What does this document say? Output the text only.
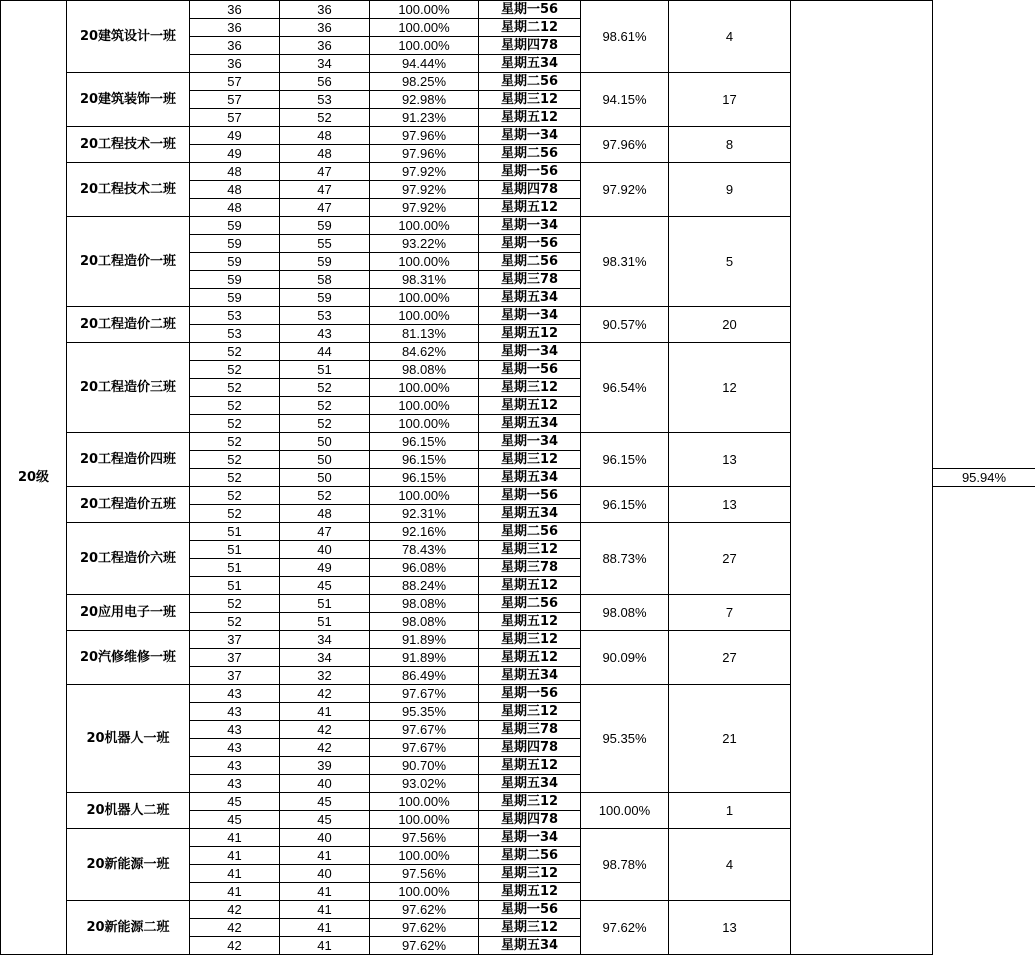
20级	20建筑设计一班	36	36	100.00%	星期一56	98.61%	4			
		36	36	100.00%	星期二12					
		36	36	100.00%	星期四78					
		36	34	94.44%	星期五34					
	20建筑装饰一班	57	56	98.25%	星期二56	94.15%	17			
		57	53	92.98%	星期三12					
		57	52	91.23%	星期五12					
	20工程技术一班	49	48	97.96%	星期一34	97.96%	8			
		49	48	97.96%	星期二56					
	20工程技术二班	48	47	97.92%	星期一56	97.92%	9			
		48	47	97.92%	星期四78					
		48	47	97.92%	星期五12					
	20工程造价一班	59	59	100.00%	星期一34	98.31%	5			
		59	55	93.22%	星期一56					
		59	59	100.00%	星期二56					
		59	58	98.31%	星期三78					
		59	59	100.00%	星期五34					
	20工程造价二班	53	53	100.00%	星期一34	90.57%	20			
		53	43	81.13%	星期五12					
	20工程造价三班	52	44	84.62%	星期一34	96.54%	12			
		52	51	98.08%	星期一56					
		52	52	100.00%	星期三12					
		52	52	100.00%	星期五12					
		52	52	100.00%	星期五34					
	20工程造价四班	52	50	96.15%	星期一34	96.15%	13			
		52	50	96.15%	星期三12					
		52	50	96.15%	星期五34				95.94%	
	20工程造价五班	52	52	100.00%	星期一56	96.15%	13			
		52	48	92.31%	星期五34					
	20工程造价六班	51	47	92.16%	星期二56	88.73%	27			
		51	40	78.43%	星期三12					
		51	49	96.08%	星期三78					
		51	45	88.24%	星期五12					
	20应用电子一班	52	51	98.08%	星期二56	98.08%	7			
		52	51	98.08%	星期五12					
	20汽修维修一班	37	34	91.89%	星期三12	90.09%	27			
		37	34	91.89%	星期五12					
		37	32	86.49%	星期五34					
	20机器人一班	43	42	97.67%	星期一56	95.35%	21			
		43	41	95.35%	星期三12					
		43	42	97.67%	星期三78					
		43	42	97.67%	星期四78					
		43	39	90.70%	星期五12					
		43	40	93.02%	星期五34					
	20机器人二班	45	45	100.00%	星期三12	100.00%	1			
		45	45	100.00%	星期四78					
	20新能源一班	41	40	97.56%	星期一34	98.78%	4			
		41	41	100.00%	星期二56					
		41	40	97.56%	星期三12					
		41	41	100.00%	星期五12					
	20新能源二班	42	41	97.62%	星期一56	97.62%	13			
		42	41	97.62%	星期三12					
		42	41	97.62%	星期五34					
